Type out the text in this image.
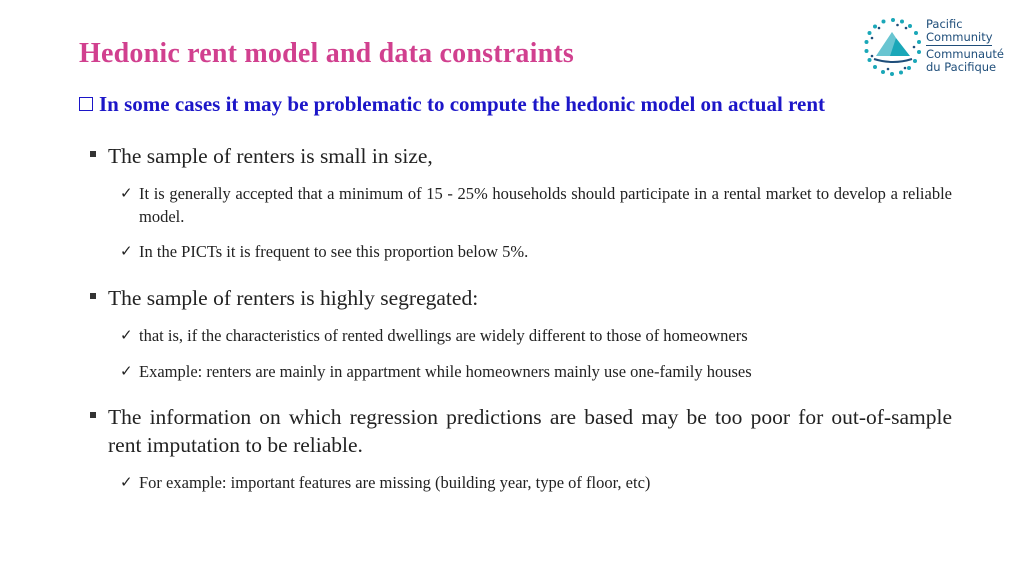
Hedonic rent model and data constraints
Pacific
Community
Communauté
du Pacifique

In some cases it may be problematic to compute the hedonic model on actual rent

The sample of renters is small in size,
✓ It is generally accepted that a minimum of 15 - 25% households should participate in a rental market to develop a reliable model.
✓ In the PICTs it is frequent to see this proportion below 5%.
The sample of renters is highly segregated:
✓ that is, if the characteristics of rented dwellings are widely different to those of homeowners
✓ Example: renters are mainly in appartment while homeowners mainly use one-family houses
The information on which regression predictions are based may be too poor for out-of-sample rent imputation to be reliable.
✓ For example: important features are missing (building year, type of floor, etc)
